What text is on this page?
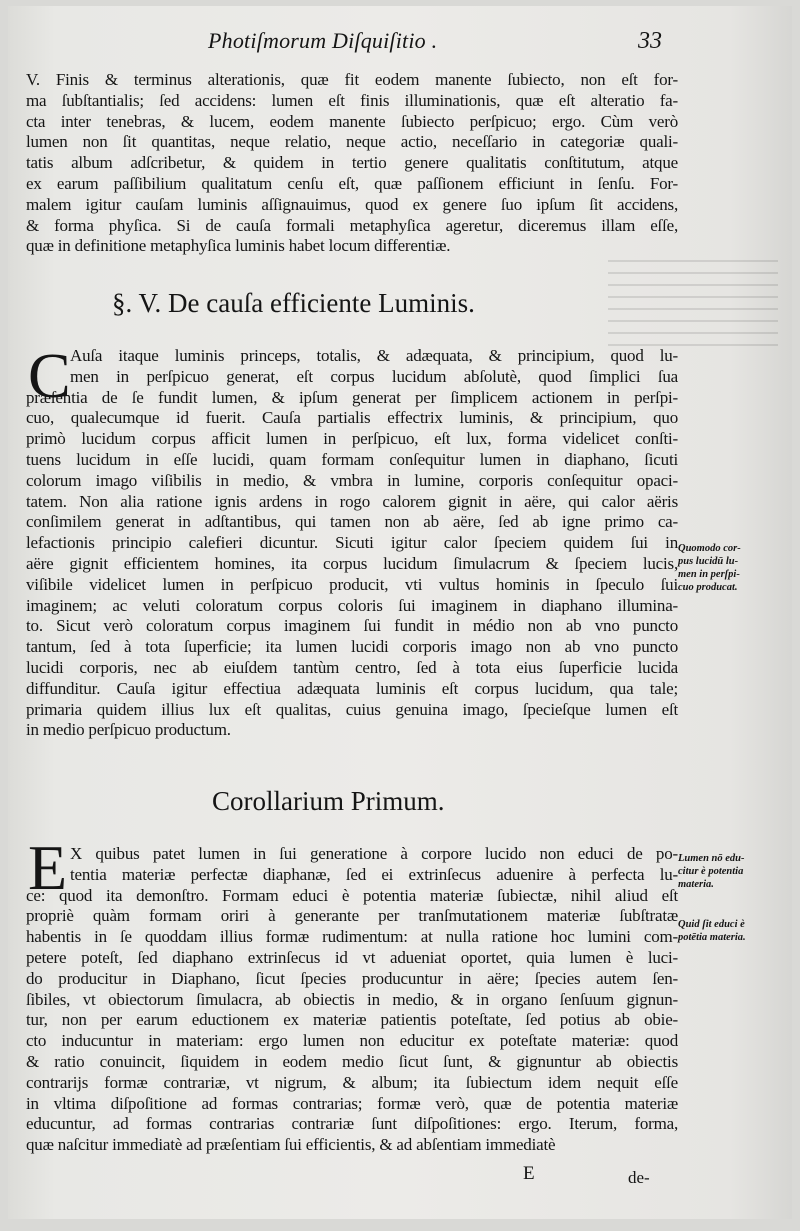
Photiſmorum Diſquiſitio .	33
V. Finis & terminus alterationis, quæ fit eodem manente ſubiecto, non eſt for-
ma ſubſtantialis; ſed accidens: lumen eſt finis illuminationis, quæ eſt alteratio fa-
cta inter tenebras, & lucem, eodem manente ſubiecto perſpicuo; ergo. Cùm verò
lumen non ſit quantitas, neque relatio, neque actio, neceſſario in categoriæ quali-
tatis album adſcribetur, & quidem in tertio genere qualitatis conſtitutum, atque
ex earum paſſibilium qualitatum cenſu eſt, quæ paſſionem efficiunt in ſenſu. For-
malem igitur cauſam luminis aſſignauimus, quod ex genere ſuo ipſum ſit accidens,
& forma phyſica. Si de cauſa formali metaphyſica ageretur, diceremus illam eſſe,
quæ in definitione metaphyſica luminis habet locum differentiæ.
§. V. De cauſa efficiente Luminis.
C Auſa itaque luminis princeps, totalis, & adæquata, & principium, quod lu-
men in perſpicuo generat, eſt corpus lucidum abſolutè, quod ſimplici ſua
præſentia de ſe fundit lumen, & ipſum generat per ſimplicem actionem in perſpi-
cuo, qualecumque id fuerit. Cauſa partialis effectrix luminis, & principium, quo
primò lucidum corpus afficit lumen in perſpicuo, eſt lux, forma videlicet conſti-
tuens lucidum in eſſe lucidi, quam formam conſequitur lumen in diaphano, ſicuti
colorum imago viſibilis in medio, & vmbra in lumine, corporis conſequitur opaci-
tatem. Non alia ratione ignis ardens in rogo calorem gignit in aëre, qui calor aëris
conſimilem generat in adſtantibus, qui tamen non ab aëre, ſed ab igne primo ca-
lefactionis principio calefieri dicuntur. Sicuti igitur calor ſpeciem quidem ſui in
aëre gignit efficientem homines, ita corpus lucidum ſimulacrum & ſpeciem lucis,
viſibile videlicet lumen in perſpicuo producit, vti vultus hominis in ſpeculo ſui
imaginem; ac veluti coloratum corpus coloris ſui imaginem in diaphano illumina-
to. Sicut verò coloratum corpus imaginem ſui fundit in médio non ab vno puncto
tantum, ſed à tota ſuperficie; ita lumen lucidi corporis imago non ab vno puncto
lucidi corporis, nec ab eiuſdem tantùm centro, ſed à tota eius ſuperficie lucida
diffunditur. Cauſa igitur effectiua adæquata luminis eſt corpus lucidum, qua tale;
primaria quidem illius lux eſt qualitas, cuius genuina imago, ſpecieſque lumen eſt
in medio perſpicuo productum.
Quomodo cor-
pus lucidū lu-
men in perſpi-
cuo producat.
Corollarium Primum.
E X quibus patet lumen in ſui generatione à corpore lucido non educi de po-
tentia materiæ perfectæ diaphanæ, ſed ei extrinſecus aduenire à perfecta lu-
ce: quod ita demonſtro. Formam educi è potentia materiæ ſubiectæ, nihil aliud eſt
propriè quàm formam oriri à generante per tranſmutationem materiæ ſubſtratæ
habentis in ſe quoddam illius formæ rudimentum: at nulla ratione hoc lumini com-
petere poteſt, ſed diaphano extrinſecus id vt adueniat oportet, quia lumen è luci-
do producitur in Diaphano, ſicut ſpecies producuntur in aëre; ſpecies autem ſen-
ſibiles, vt obiectorum ſimulacra, ab obiectis in medio, & in organo ſenſuum gignun-
tur, non per earum eductionem ex materiæ patientis poteſtate, ſed potius ab obie-
cto inducuntur in materiam: ergo lumen non educitur ex poteſtate materiæ: quod
& ratio conuincit, ſiquidem in eodem medio ſicut ſunt, & gignuntur ab obiectis
contrarijs formæ contrariæ, vt nigrum, & album; ita ſubiectum idem nequit eſſe
in vltima diſpoſitione ad formas contrarias; formæ verò, quæ de potentia materiæ
educuntur, ad formas contrarias contrariæ ſunt diſpoſitiones: ergo. Iterum, forma,
quæ naſcitur immediatè ad præſentiam ſui efficientis, & ad abſentiam immediatè
Lumen nō edu-
citur è potentia
materia.
Quid ſit educi è
potētia materia.
E	de-
